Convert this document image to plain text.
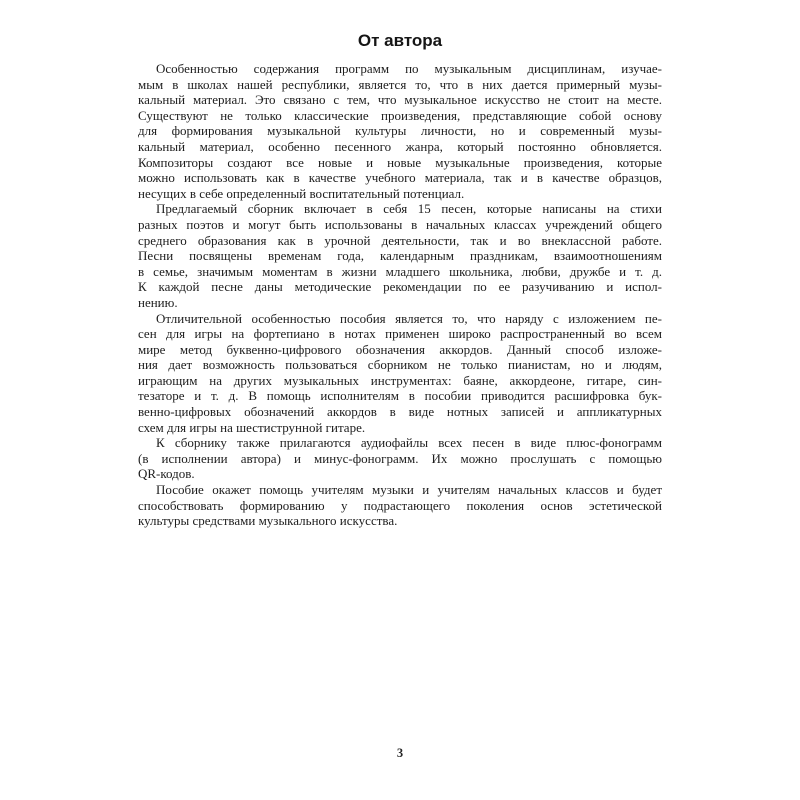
От автора
Особенностью содержания программ по музыкальным дисциплинам, изучае-
мым в школах нашей республики, является то, что в них дается примерный музы-
кальный материал. Это связано с тем, что музыкальное искусство не стоит на месте.
Существуют не только классические произведения, представляющие собой основу
для формирования музыкальной культуры личности, но и современный музы-
кальный материал, особенно песенного жанра, который постоянно обновляется.
Композиторы создают все новые и новые музыкальные произведения, которые
можно использовать как в качестве учебного материала, так и в качестве образцов,
несущих в себе определенный воспитательный потенциал.
Предлагаемый сборник включает в себя 15 песен, которые написаны на стихи
разных поэтов и могут быть использованы в начальных классах учреждений общего
среднего образования как в урочной деятельности, так и во внеклассной работе.
Песни посвящены временам года, календарным праздникам, взаимоотношениям
в семье, значимым моментам в жизни младшего школьника, любви, дружбе и т. д.
К каждой песне даны методические рекомендации по ее разучиванию и испол-
нению.
Отличительной особенностью пособия является то, что наряду с изложением пе-
сен для игры на фортепиано в нотах применен широко распространенный во всем
мире метод буквенно-цифрового обозначения аккордов. Данный способ изложе-
ния дает возможность пользоваться сборником не только пианистам, но и людям,
играющим на других музыкальных инструментах: баяне, аккордеоне, гитаре, син-
тезаторе и т. д. В помощь исполнителям в пособии приводится расшифровка бук-
венно-цифровых обозначений аккордов в виде нотных записей и аппликатурных
схем для игры на шестиструнной гитаре.
К сборнику также прилагаются аудиофайлы всех песен в виде плюс-фонограмм
(в исполнении автора) и минус-фонограмм. Их можно прослушать с помощью
QR-кодов.
Пособие окажет помощь учителям музыки и учителям начальных классов и будет
способствовать формированию у подрастающего поколения основ эстетической
культуры средствами музыкального искусства.
3
